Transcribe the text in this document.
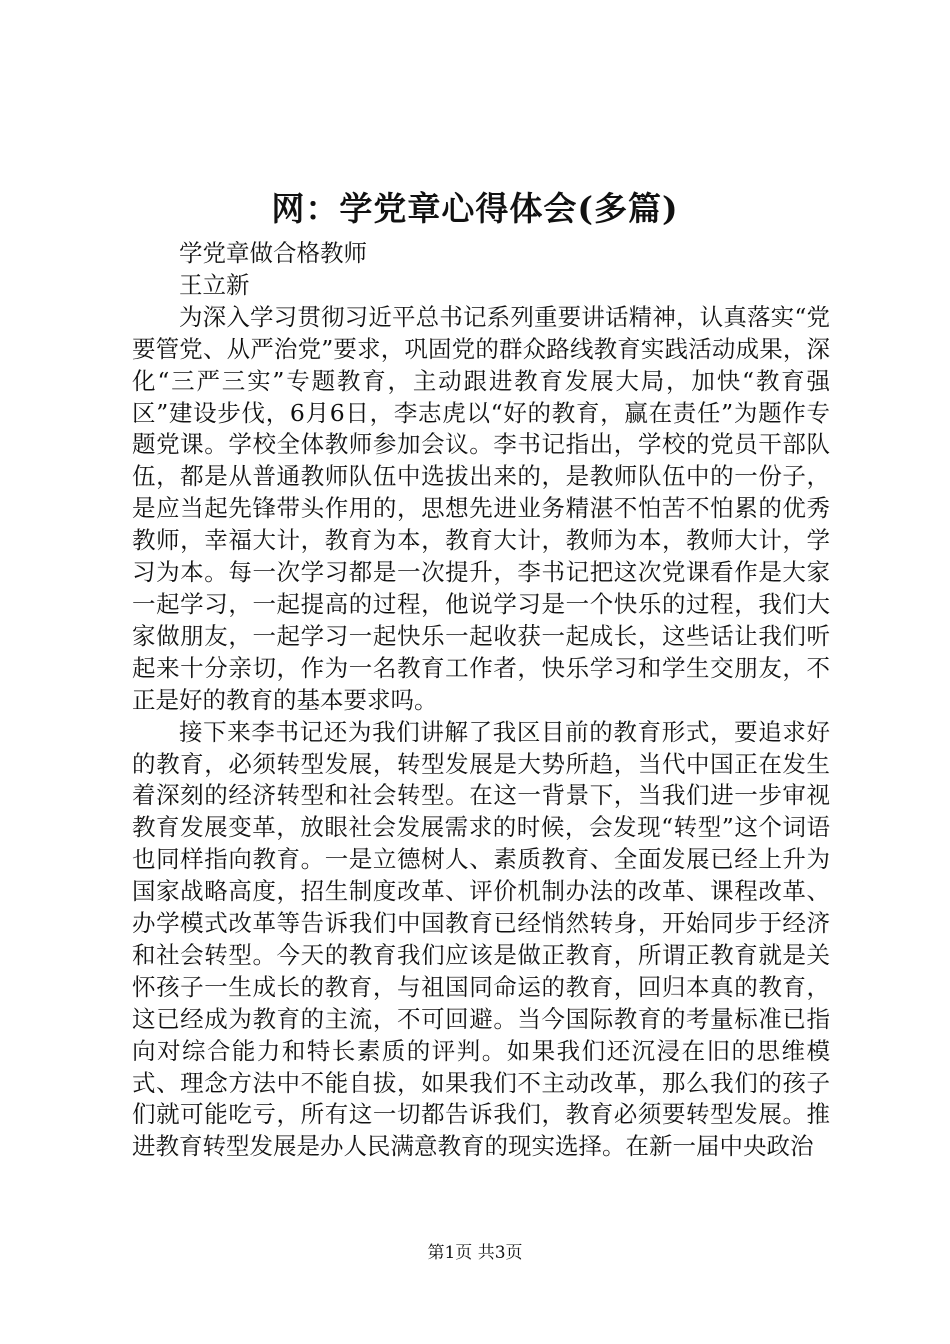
网：学党章心得体会(多篇)

学党章做合格教师

王立新

为深入学习贯彻习近平总书记系列重要讲话精神，认真落实“党要管党、从严治党”要求，巩固党的群众路线教育实践活动成果，深化“三严三实”专题教育，主动跟进教育发展大局，加快“教育强区”建设步伐，6月6日，李志虎以“好的教育，赢在责任”为题作专题党课。学校全体教师参加会议。李书记指出，学校的党员干部队伍，都是从普通教师队伍中选拔出来的，是教师队伍中的一份子，是应当起先锋带头作用的，思想先进业务精湛不怕苦不怕累的优秀教师，幸福大计，教育为本，教育大计，教师为本，教师大计，学习为本。每一次学习都是一次提升，李书记把这次党课看作是大家一起学习，一起提高的过程，他说学习是一个快乐的过程，我们大家做朋友，一起学习一起快乐一起收获一起成长，这些话让我们听起来十分亲切，作为一名教育工作者，快乐学习和学生交朋友，不正是好的教育的基本要求吗。

接下来李书记还为我们讲解了我区目前的教育形式，要追求好的教育，必须转型发展，转型发展是大势所趋，当代中国正在发生着深刻的经济转型和社会转型。在这一背景下，当我们进一步审视教育发展变革，放眼社会发展需求的时候，会发现“转型”这个词语也同样指向教育。一是立德树人、素质教育、全面发展已经上升为国家战略高度，招生制度改革、评价机制办法的改革、课程改革、办学模式改革等告诉我们中国教育已经悄然转身，开始同步于经济和社会转型。今天的教育我们应该是做正教育，所谓正教育就是关怀孩子一生成长的教育，与祖国同命运的教育，回归本真的教育，这已经成为教育的主流，不可回避。当今国际教育的考量标准已指向对综合能力和特长素质的评判。如果我们还沉浸在旧的思维模式、理念方法中不能自拔，如果我们不主动改革，那么我们的孩子们就可能吃亏，所有这一切都告诉我们，教育必须要转型发展。推进教育转型发展是办人民满意教育的现实选择。在新一届中央政治

第1页 共3页
